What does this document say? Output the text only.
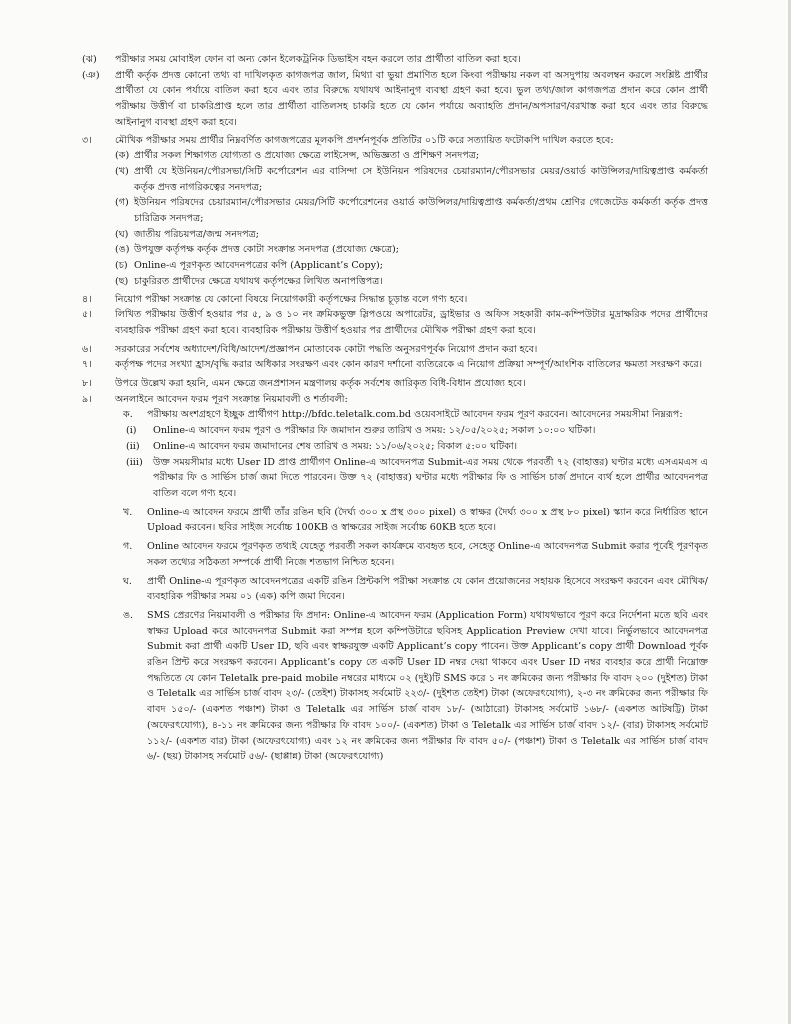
(ঝ)	পরীক্ষার সময় মোবাইল ফোন বা অন্য কোন ইলেকট্রনিক ডিভাইস বহন করলে তার প্রার্থীতা বাতিল করা হবে।
(ঞ)	প্রার্থী কর্তৃক প্রদত্ত কোনো তথ্য বা দাখিলকৃত কাগজপত্র জাল, মিথ্যা বা ভুয়া প্রমাণিত হলে কিংবা পরীক্ষায় নকল বা অসদুপায় অবলম্বন করলে সংশ্লিষ্ট প্রার্থীর প্রার্থীতা যে কোন পর্যায়ে বাতিল করা হবে এবং তার বিরুদ্ধে যথাযথ আইনানুগ ব্যবস্থা গ্রহণ করা হবে। ভুল তথ্য/জাল কাগজপত্র প্রদান করে কোন প্রার্থী পরীক্ষায় উত্তীর্ণ বা চাকরিপ্রাপ্ত হলে তার প্রার্থীতা বাতিলসহ চাকরি হতে যে কোন পর্যায়ে অব্যাহতি প্রদান/অপসারণ/বরখাস্ত করা হবে এবং তার বিরুদ্ধে আইনানুগ ব্যবস্থা গ্রহণ করা হবে।
৩।	মৌখিক পরীক্ষার সময় প্রার্থীর নিম্নবর্ণিত কাগজপত্রের মূলকপি প্রদর্শনপূর্বক প্রতিটির ০১টি করে সত্যায়িত ফটোকপি দাখিল করতে হবে:
(ক) প্রার্থীর সকল শিক্ষাগত যোগ্যতা ও প্রযোজ্য ক্ষেত্রে লাইসেন্স, অভিজ্ঞতা ও প্রশিক্ষণ সনদপত্র;
(খ) প্রার্থী যে ইউনিয়ন/পৌরসভা/সিটি কর্পোরেশন এর বাসিন্দা সে ইউনিয়ন পরিষদের চেয়ারম্যান/পৌরসভার মেয়র/ওয়ার্ড কাউন্সিলর/দায়িত্বপ্রাপ্ত কর্মকর্তা কর্তৃক প্রদত্ত নাগরিকত্বের সনদপত্র;
(গ) ইউনিয়ন পরিষদের চেয়ারম্যান/পৌরসভার মেয়র/সিটি কর্পোরেশনের ওয়ার্ড কাউন্সিলর/দায়িত্বপ্রাপ্ত কর্মকর্তা/প্রথম শ্রেণির গেজেটেড কর্মকর্তা কর্তৃক প্রদত্ত চারিত্রিক সনদপত্র;
(ঘ) জাতীয় পরিচয়পত্র/জন্ম সনদপত্র;
(ঙ) উপযুক্ত কর্তৃপক্ষ কর্তৃক প্রদত্ত কোটা সংক্রান্ত সনদপত্র (প্রযোজ্য ক্ষেত্রে);
(চ) Online-এ পূরণকৃত আবেদনপত্রের কপি (Applicant’s Copy);
(ছ) চাকুরিরত প্রার্থীদের ক্ষেত্রে যথাযথ কর্তৃপক্ষের লিখিত অনাপত্তিপত্র।
৪।	নিয়োগ পরীক্ষা সংক্রান্ত যে কোনো বিষয়ে নিয়োগকারী কর্তৃপক্ষের সিদ্ধান্ত চূড়ান্ত বলে গণ্য হবে।
৫।	লিখিত পরীক্ষায় উত্তীর্ণ হওয়ার পর ৫, ৯ ও ১০ নং ক্রমিকভুক্ত স্লিপওয়ে অপারেটর, ড্রাইভার ও অফিস সহকারী কাম-কম্পিউটার মুদ্রাক্ষরিক পদের প্রার্থীদের ব্যবহারিক পরীক্ষা গ্রহণ করা হবে। ব্যবহারিক পরীক্ষায় উত্তীর্ণ হওয়ার পর প্রার্থীদের মৌখিক পরীক্ষা গ্রহণ করা হবে।
৬।	সরকারের সর্বশেষ অধ্যাদেশ/বিধি/আদেশ/প্রজ্ঞাপন মোতাবেক কোটা পদ্ধতি অনুসরণপূর্বক নিয়োগ প্রদান করা হবে।
৭।	কর্তৃপক্ষ পদের সংখ্যা হ্রাস/বৃদ্ধি করার অধিকার সংরক্ষণ এবং কোন কারণ দর্শানো ব্যতিরেকে এ নিয়োগ প্রক্রিয়া সম্পূর্ণ/আংশিক বাতিলের ক্ষমতা সংরক্ষণ করে।
৮।	উপরে উল্লেখ করা হয়নি, এমন ক্ষেত্রে জনপ্রশাসন মন্ত্রণালয় কর্তৃক সর্বশেষ জারিকৃত বিধি-বিধান প্রযোজ্য হবে।
৯।	অনলাইনে আবেদন ফরম পূরণ সংক্রান্ত নিয়মাবলী ও শর্তাবলী:
ক.	পরীক্ষায় অংশগ্রহণে ইচ্ছুক প্রার্থীগণ http://bfdc.teletalk.com.bd ওয়েবসাইটে আবেদন ফরম পূরণ করবেন। আবেদনের সময়সীমা নিম্নরূপ:
(i)	Online-এ আবেদন ফরম পূরণ ও পরীক্ষার ফি জমাদান শুরুর তারিখ ও সময়: ১২/০৫/২০২৫; সকাল ১০:০০ ঘটিকা।
(ii)	Online-এ আবেদন ফরম জমাদানের শেষ তারিখ ও সময়: ১১/০৬/২০২৫; বিকাল ৫:০০ ঘটিকা।
(iii)	উক্ত সময়সীমার মধ্যে User ID প্রাপ্ত প্রার্থীগণ Online-এ আবেদনপত্র Submit-এর সময় থেকে পরবর্তী ৭২ (বাহাত্তর) ঘণ্টার মধ্যে এসএমএস এ পরীক্ষার ফি ও সার্ভিস চার্জ জমা দিতে পারবেন। উক্ত ৭২ (বাহাত্তর) ঘণ্টার মধ্যে পরীক্ষার ফি ও সার্ভিস চার্জ প্রদানে ব্যর্থ হলে প্রার্থীর আবেদনপত্র বাতিল বলে গণ্য হবে।
খ.	Online-এ আবেদন ফরমে প্রার্থী তাঁর রঙিন ছবি (দৈর্ঘ্য ৩০০ x প্রস্থ ৩০০ pixel) ও স্বাক্ষর (দৈর্ঘ্য ৩০০ x প্রস্থ ৮০ pixel) স্ক্যান করে নির্ধারিত স্থানে Upload করবেন। ছবির সাইজ সর্বোচ্চ 100KB ও স্বাক্ষরের সাইজ সর্বোচ্চ 60KB হতে হবে।
গ.	Online আবেদন ফরমে পূরণকৃত তথ্যই যেহেতু পরবর্তী সকল কার্যক্রমে ব্যবহৃত হবে, সেহেতু Online-এ আবেদনপত্র Submit করার পূর্বেই পূরণকৃত সকল তথ্যের সঠিকতা সম্পর্কে প্রার্থী নিজে শতভাগ নিশ্চিত হবেন।
ঘ.	প্রার্থী Online-এ পূরণকৃত আবেদনপত্রের একটি রঙিন প্রিন্টকপি পরীক্ষা সংক্রান্ত যে কোন প্রয়োজনের সহায়ক হিসেবে সংরক্ষণ করবেন এবং মৌখিক/ব্যবহারিক পরীক্ষার সময় ০১ (এক) কপি জমা দিবেন।
ঙ.	SMS প্রেরণের নিয়মাবলী ও পরীক্ষার ফি প্রদান: Online-এ আবেদন ফরম (Application Form) যথাযথভাবে পূরণ করে নির্দেশনা মতে ছবি এবং স্বাক্ষর Upload করে আবেদনপত্র Submit করা সম্পন্ন হলে কম্পিউটারে ছবিসহ Application Preview দেখা যাবে। নির্ভুলভাবে আবেদনপত্র Submit করা প্রার্থী একটি User ID, ছবি এবং স্বাক্ষরযুক্ত একটি Applicant’s copy পাবেন। উক্ত Applicant’s copy প্রার্থী Download পূর্বক রঙিন প্রিন্ট করে সংরক্ষণ করবেন। Applicant’s copy তে একটি User ID নম্বর দেয়া থাকবে এবং User ID নম্বর ব্যবহার করে প্রার্থী নিম্নোক্ত পদ্ধতিতে যে কোন Teletalk pre-paid mobile নম্বরের মাধ্যমে ০২ (দুই)টি SMS করে ১ নং ক্রমিকের জন্য পরীক্ষার ফি বাবদ ২০০ (দুইশত) টাকা ও Teletalk এর সার্ভিস চার্জ বাবদ ২৩/- (তেইশ) টাকাসহ সর্বমোট ২২৩/- (দুইশত তেইশ) টাকা (অফেরৎযোগ্য), ২-৩ নং ক্রমিকের জন্য পরীক্ষার ফি বাবদ ১৫০/- (একশত পঞ্চাশ) টাকা ও Teletalk এর সার্ভিস চার্জ বাবদ ১৮/- (আঠারো) টাকাসহ সর্বমোট ১৬৮/- (একশত আটষট্টি) টাকা (অফেরৎযোগ্য), ৪-১১ নং ক্রমিকের জন্য পরীক্ষার ফি বাবদ ১০০/- (একশত) টাকা ও Teletalk এর সার্ভিস চার্জ বাবদ ১২/- (বার) টাকাসহ সর্বমোট ১১২/- (একশত বার) টাকা (অফেরৎযোগ্য) এবং ১২ নং ক্রমিকের জন্য পরীক্ষার ফি বাবদ ৫০/- (পঞ্চাশ) টাকা ও Teletalk এর সার্ভিস চার্জ বাবদ ৬/- (ছয়) টাকাসহ সর্বমোট ৫৬/- (ছাপ্পান্ন) টাকা (অফেরৎযোগ্য)
